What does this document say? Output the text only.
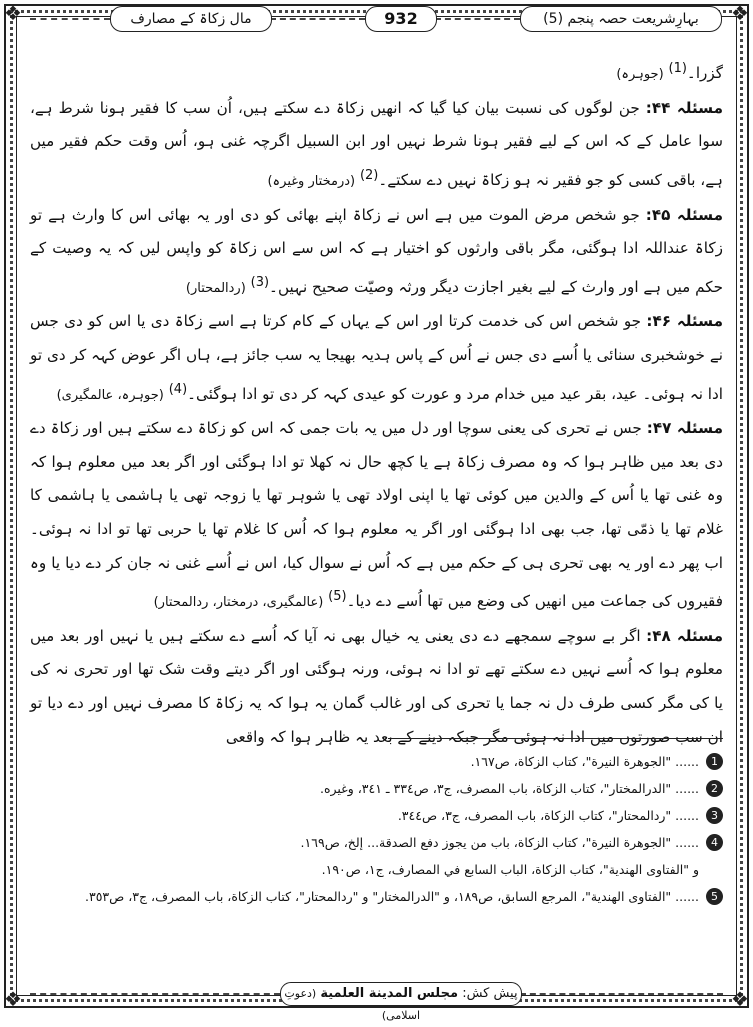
❖	❖
❖	❖
بہارِشریعت حصہ پنجم (5)
932
مال زکاۃ کے مصارف

گزرا۔$^{(1)}$ (جوہرہ)

مسئلہ ۴۴: جن لوگوں کی نسبت بیان کیا گیا کہ انھیں زکاۃ دے سکتے ہیں، اُن سب کا فقیر ہونا شرط ہے، سوا عامل کے کہ اس کے لیے فقیر ہونا شرط نہیں اور ابن السبیل اگرچہ غنی ہو، اُس وقت حکم فقیر میں ہے، باقی کسی کو جو فقیر نہ ہو زکاۃ نہیں دے سکتے۔$^{(2)}$ (درمختار وغیرہ)

مسئلہ ۴۵: جو شخص مرض الموت میں ہے اس نے زکاۃ اپنے بھائی کو دی اور یہ بھائی اس کا وارث ہے تو زکاۃ عنداللہ ادا ہوگئی، مگر باقی وارثوں کو اختیار ہے کہ اس سے اس زکاۃ کو واپس لیں کہ یہ وصیت کے حکم میں ہے اور وارث کے لیے بغیر اجازت دیگر ورثہ وصیّت صحیح نہیں۔$^{(3)}$ (ردالمحتار)

مسئلہ ۴۶: جو شخص اس کی خدمت کرتا اور اس کے یہاں کے کام کرتا ہے اسے زکاۃ دی یا اس کو دی جس نے خوشخبری سنائی یا اُسے دی جس نے اُس کے پاس ہدیہ بھیجا یہ سب جائز ہے، ہاں اگر عوض کہہ کر دی تو ادا نہ ہوئی۔ عید، بقر عید میں خدام مرد و عورت کو عیدی کہہ کر دی تو ادا ہوگئی۔$^{(4)}$ (جوہرہ، عالمگیری)

مسئلہ ۴۷: جس نے تحری کی یعنی سوچا اور دل میں یہ بات جمی کہ اس کو زکاۃ دے سکتے ہیں اور زکاۃ دے دی بعد میں ظاہر ہوا کہ وہ مصرف زکاۃ ہے یا کچھ حال نہ کھلا تو ادا ہوگئی اور اگر بعد میں معلوم ہوا کہ وہ غنی تھا یا اُس کے والدین میں کوئی تھا یا اپنی اولاد تھی یا شوہر تھا یا زوجہ تھی یا ہاشمی یا ہاشمی کا غلام تھا یا ذمّی تھا، جب بھی ادا ہوگئی اور اگر یہ معلوم ہوا کہ اُس کا غلام تھا یا حربی تھا تو ادا نہ ہوئی۔ اب پھر دے اور یہ بھی تحری ہی کے حکم میں ہے کہ اُس نے سوال کیا، اس نے اُسے غنی نہ جان کر دے دیا یا وہ فقیروں کی جماعت میں انھیں کی وضع میں تھا اُسے دے دیا۔$^{(5)}$ (عالمگیری، درمختار، ردالمحتار)

مسئلہ ۴۸: اگر بے سوچے سمجھے دے دی یعنی یہ خیال بھی نہ آیا کہ اُسے دے سکتے ہیں یا نہیں اور بعد میں معلوم ہوا کہ اُسے نہیں دے سکتے تھے تو ادا نہ ہوئی، ورنہ ہوگئی اور اگر دیتے وقت شک تھا اور تحری نہ کی یا کی مگر کسی طرف دل نہ جما یا تحری کی اور غالب گمان یہ ہوا کہ یہ زکاۃ کا مصرف نہیں اور دے دیا تو ان سب صورتوں میں ادا نہ ہوئی مگر جبکہ دینے کے بعد یہ ظاہر ہوا کہ واقعی

1
...... "الجوهرة النيرة"، كتاب الزكاة، ص١٦٧.
2
...... "الدرالمختار"، كتاب الزكاة، باب المصرف، ج٣، ص٣٣٤ ـ ٣٤١، وغيره.
3
...... "ردالمحتار"، كتاب الزكاة، باب المصرف، ج٣، ص٣٤٤.
4
...... "الجوهرة النيرة"، كتاب الزكاة، باب من يجوز دفع الصدقة... إلخ، ص١٦٩.
و "الفتاوى الهندية"، كتاب الزكاة، الباب السابع في المصارف، ج١، ص١٩٠.
5
...... "الفتاوى الهندية"، المرجع السابق، ص١٨٩، و "الدرالمختار" و "ردالمحتار"، كتاب الزكاة، باب المصرف، ج٣، ص٣٥٣.
پیش کش: مجلس المدينة العلمية (دعوتِ اسلامی)
